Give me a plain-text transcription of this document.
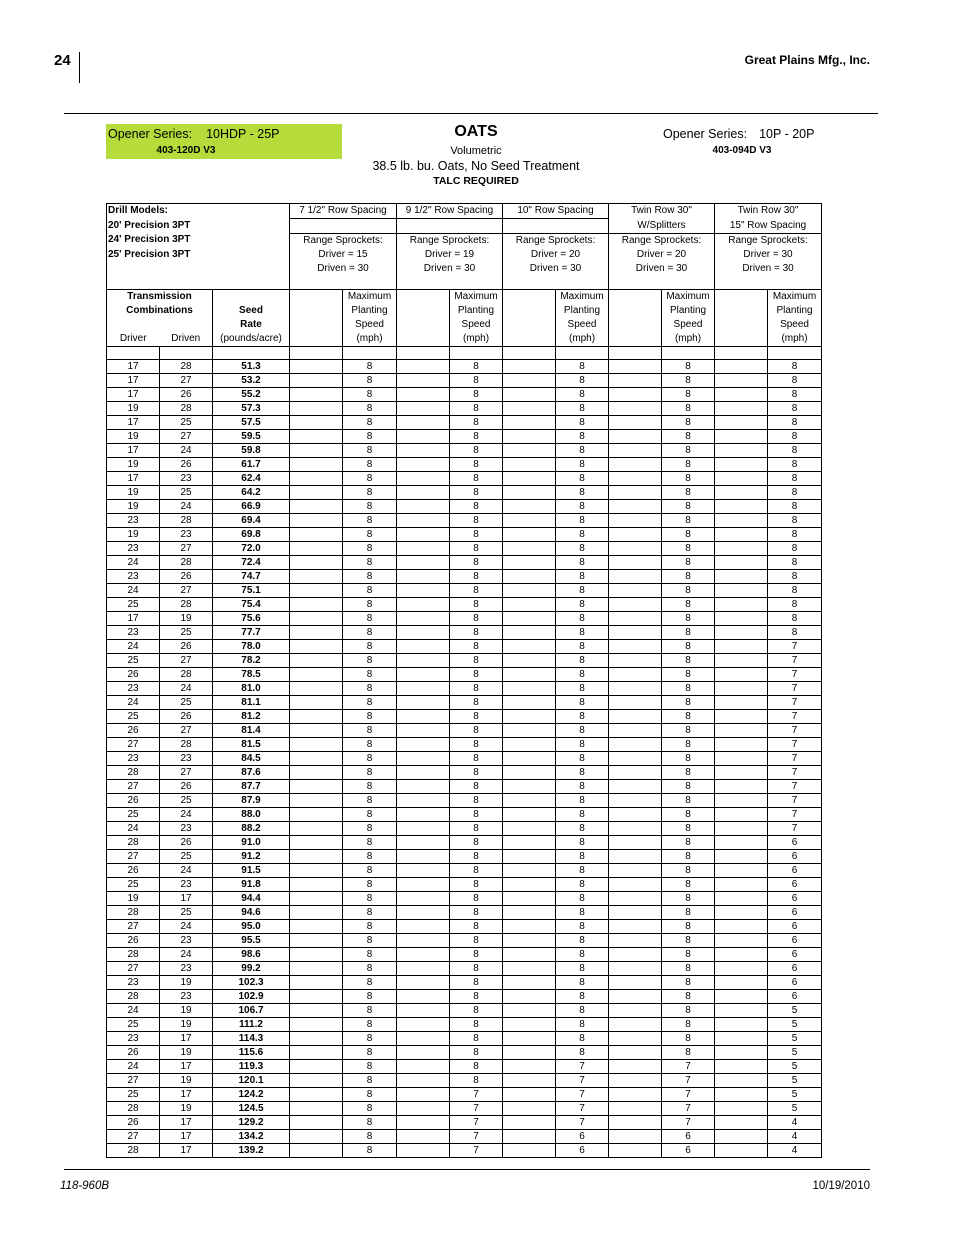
24	Great Plains Mfg., Inc.
Opener Series: 10HDP - 25P
403-120D V3
OATS
Volumetric
38.5 lb. bu. Oats, No Seed Treatment
TALC REQUIRED
Opener Series: 10P - 20P
403-094D V3
Drill Models:			7 1/2" Row Spacing		9 1/2" Row Spacing		10" Row Spacing		Twin Row 30"		Twin Row 30"	
20' Precision 3PT									W/Splitters		15" Row Spacing	
24' Precision 3PT			Range Sprockets:		Range Sprockets:		Range Sprockets:		Range Sprockets:		Range Sprockets:	
25' Precision 3PT			Driver = 15		Driver = 19		Driver = 20		Driver = 20		Driver = 30	
			Driven = 30		Driven = 30		Driven = 30		Driven = 30		Driven = 30	

Transmission				Maximum		Maximum		Maximum		Maximum		Maximum
Combinations		Seed		Planting		Planting		Planting		Planting		Planting
		Rate		Speed		Speed		Speed		Speed		Speed
Driver	Driven	(pounds/acre)		(mph)		(mph)		(mph)		(mph)		(mph)

17	28	51.3		8		8		8		8		8
17	27	53.2		8		8		8		8		8
17	26	55.2		8		8		8		8		8
19	28	57.3		8		8		8		8		8
17	25	57.5		8		8		8		8		8
19	27	59.5		8		8		8		8		8
17	24	59.8		8		8		8		8		8
19	26	61.7		8		8		8		8		8
17	23	62.4		8		8		8		8		8
19	25	64.2		8		8		8		8		8
19	24	66.9		8		8		8		8		8
23	28	69.4		8		8		8		8		8
19	23	69.8		8		8		8		8		8
23	27	72.0		8		8		8		8		8
24	28	72.4		8		8		8		8		8
23	26	74.7		8		8		8		8		8
24	27	75.1		8		8		8		8		8
25	28	75.4		8		8		8		8		8
17	19	75.6		8		8		8		8		8
23	25	77.7		8		8		8		8		8
24	26	78.0		8		8		8		8		7
25	27	78.2		8		8		8		8		7
26	28	78.5		8		8		8		8		7
23	24	81.0		8		8		8		8		7
24	25	81.1		8		8		8		8		7
25	26	81.2		8		8		8		8		7
26	27	81.4		8		8		8		8		7
27	28	81.5		8		8		8		8		7
23	23	84.5		8		8		8		8		7
28	27	87.6		8		8		8		8		7
27	26	87.7		8		8		8		8		7
26	25	87.9		8		8		8		8		7
25	24	88.0		8		8		8		8		7
24	23	88.2		8		8		8		8		7
28	26	91.0		8		8		8		8		6
27	25	91.2		8		8		8		8		6
26	24	91.5		8		8		8		8		6
25	23	91.8		8		8		8		8		6
19	17	94.4		8		8		8		8		6
28	25	94.6		8		8		8		8		6
27	24	95.0		8		8		8		8		6
26	23	95.5		8		8		8		8		6
28	24	98.6		8		8		8		8		6
27	23	99.2		8		8		8		8		6
23	19	102.3		8		8		8		8		6
28	23	102.9		8		8		8		8		6
24	19	106.7		8		8		8		8		5
25	19	111.2		8		8		8		8		5
23	17	114.3		8		8		8		8		5
26	19	115.6		8		8		8		8		5
24	17	119.3		8		8		7		7		5
27	19	120.1		8		8		7		7		5
25	17	124.2		8		7		7		7		5
28	19	124.5		8		7		7		7		5
26	17	129.2		8		7		7		7		4
27	17	134.2		8		7		6		6		4
28	17	139.2		8		7		6		6		4
118-960B	10/19/2010
